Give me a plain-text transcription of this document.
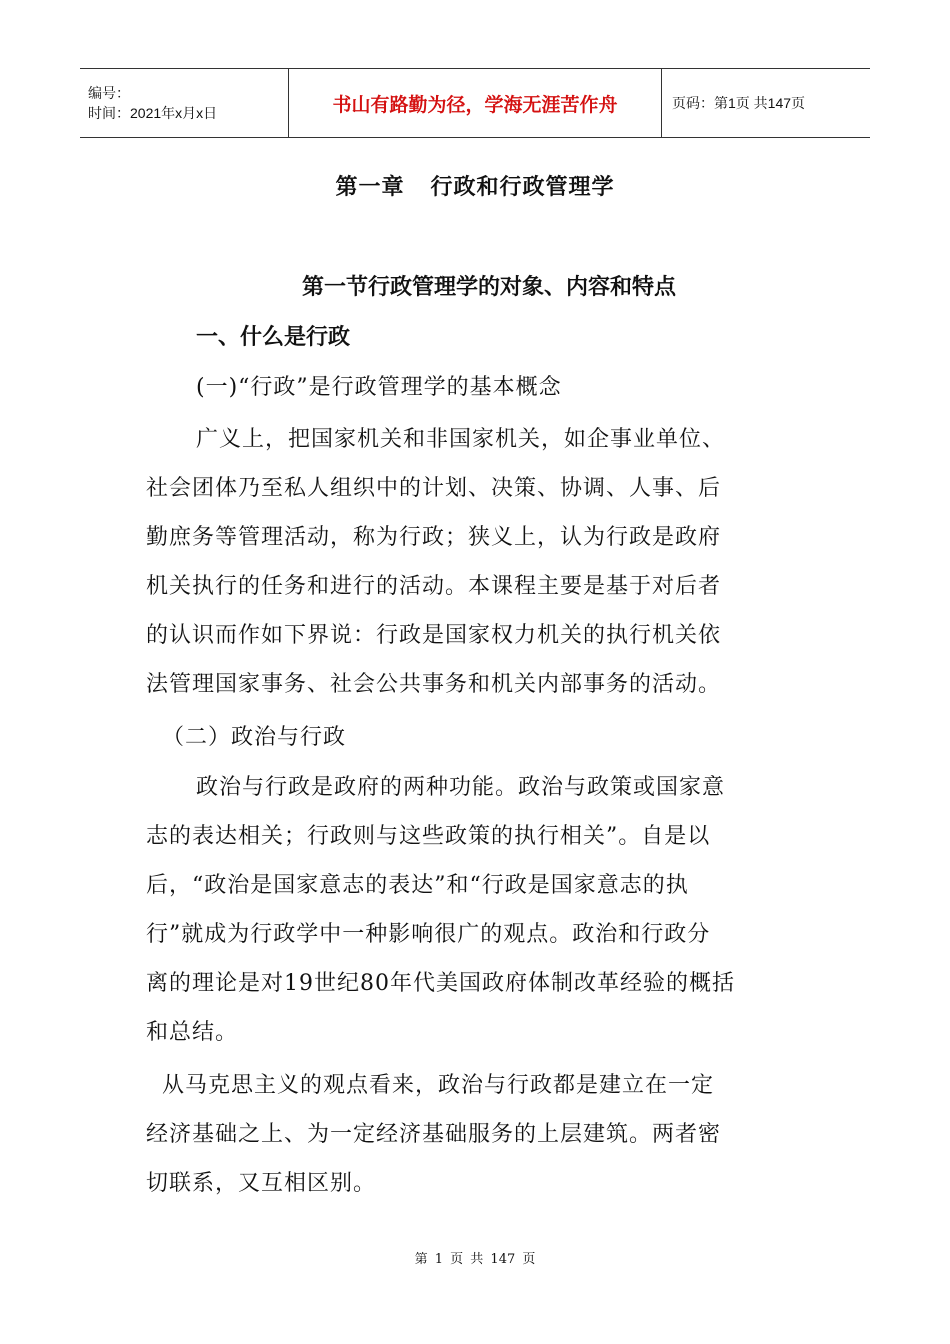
编号：
时间：2021年x月x日	书山有路勤为径，学海无涯苦作舟	页码：第1页 共147页
第一章 行政和行政管理学
第一节行政管理学的对象、内容和特点
一、什么是行政
(一)“行政”是行政管理学的基本概念
广义上，把国家机关和非国家机关，如企事业单位、
社会团体乃至私人组织中的计划、决策、协调、人事、后
勤庶务等管理活动，称为行政；狭义上，认为行政是政府
机关执行的任务和进行的活动。本课程主要是基于对后者
的认识而作如下界说：行政是国家权力机关的执行机关依
法管理国家事务、社会公共事务和机关内部事务的活动。
（二）政治与行政
政治与行政是政府的两种功能。政治与政策或国家意
志的表达相关；行政则与这些政策的执行相关”。自是以
后，“政治是国家意志的表达”和“行政是国家意志的执
行”就成为行政学中一种影响很广的观点。政治和行政分
离的理论是对19世纪80年代美国政府体制改革经验的概括
和总结。
从马克思主义的观点看来，政治与行政都是建立在一定
经济基础之上、为一定经济基础服务的上层建筑。两者密
切联系，又互相区别。
第 1 页 共 147 页
